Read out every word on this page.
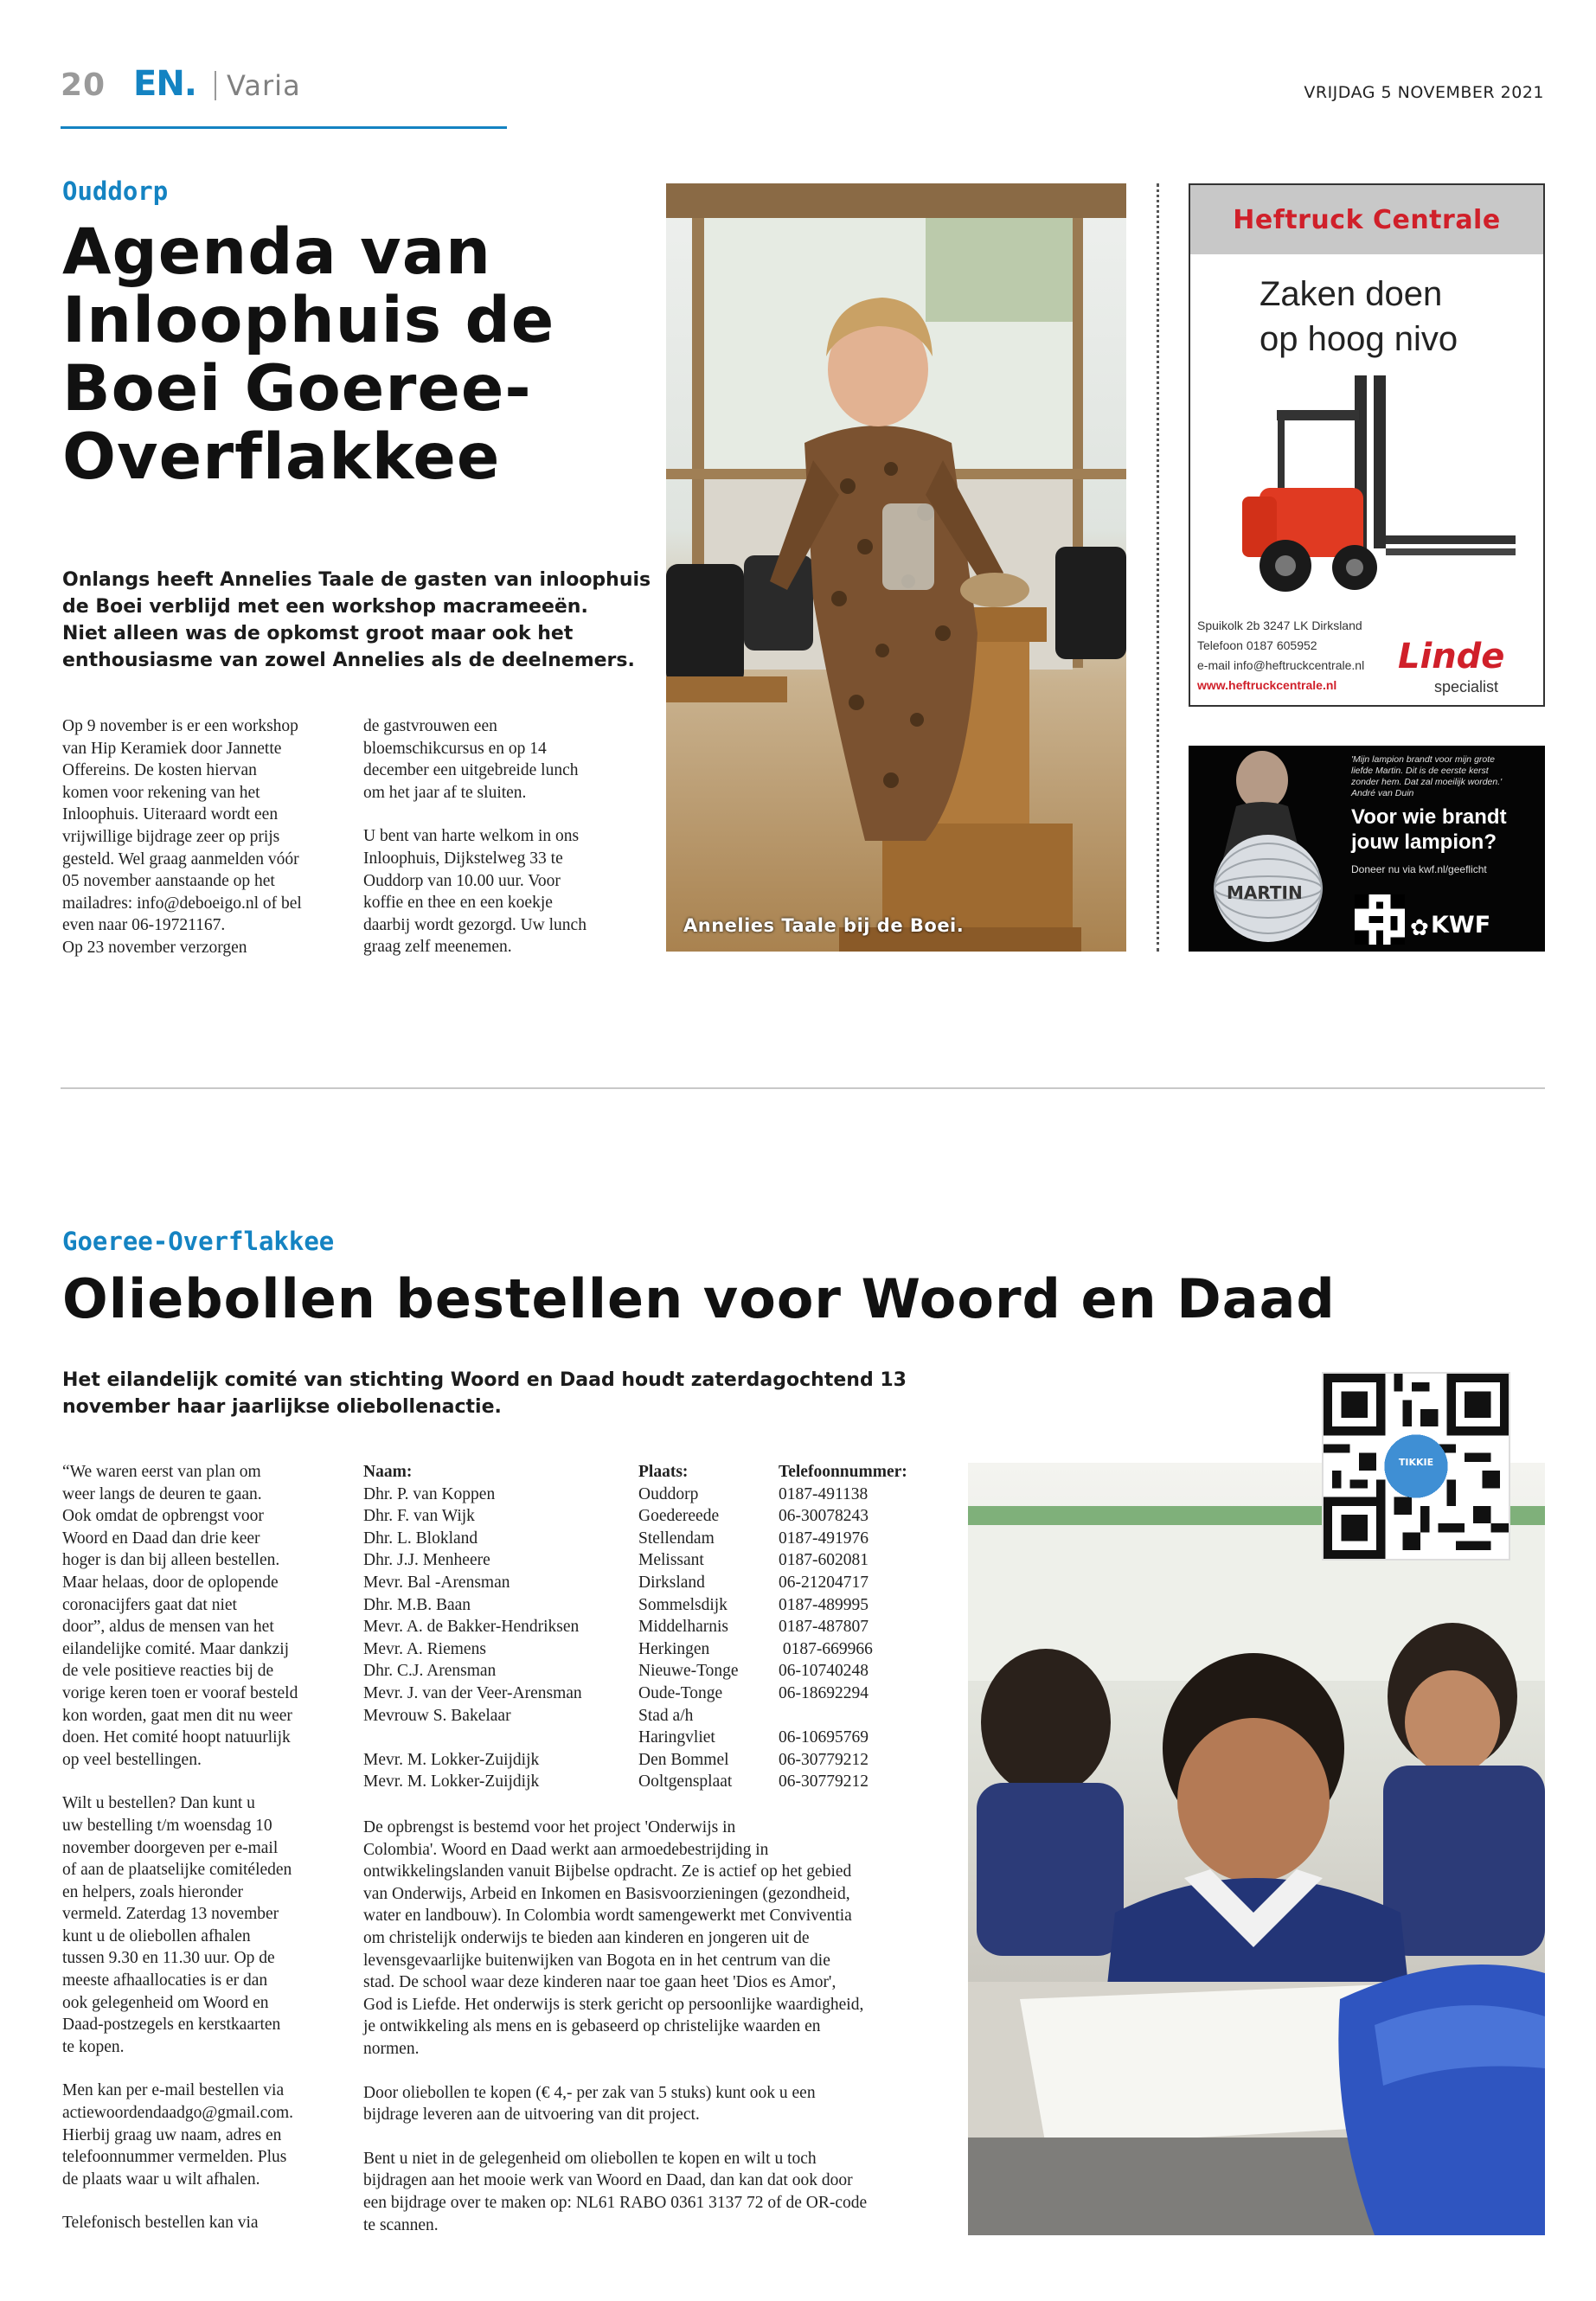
20 EN. Varia	VRIJDAG 5 NOVEMBER 2021
Ouddorp
Agenda van
Inloophuis de
Boei Goeree-
Overflakkee
Onlangs heeft Annelies Taale de gasten van inloophuis
de Boei verblijd met een workshop macrameeën.
Niet alleen was de opkomst groot maar ook het
enthousiasme van zowel Annelies als de deelnemers.
Op 9 november is er een workshop
van Hip Keramiek door Jannette
Offereins. De kosten hiervan
komen voor rekening van het
Inloophuis. Uiteraard wordt een
vrijwillige bijdrage zeer op prijs
gesteld. Wel graag aanmelden vóór
05 november aanstaande op het
mailadres: info@deboeigo.nl of bel
even naar 06-19721167.
Op 23 november verzorgen
de gastvrouwen een
bloemschikcursus en op 14
december een uitgebreide lunch
om het jaar af te sluiten.
U bent van harte welkom in ons
Inloophuis, Dijkstelweg 33 te
Ouddorp van 10.00 uur. Voor
koffie en thee en een koekje
daarbij wordt gezorgd. Uw lunch
graag zelf meenemen.
Annelies Taale bij de Boei.
Heftruck Centrale
Zaken doen
op hoog nivo
Spuikolk 2b 3247 LK Dirksland
Telefoon 0187 605952
e-mail info@heftruckcentrale.nl
www.heftruckcentrale.nl
Linde
specialist
MARTIN
'Mijn lampion brandt voor mijn grote
liefde Martin. Dit is de eerste kerst
zonder hem. Dat zal moeilijk worden.'
André van Duin
Voor wie brandt
jouw lampion?
Doneer nu via kwf.nl/geeflicht
✿ KWF
Goeree-Overflakkee
Oliebollen bestellen voor Woord en Daad
Het eilandelijk comité van stichting Woord en Daad houdt zaterdagochtend 13
november haar jaarlijkse oliebollenactie.

“We waren eerst van plan om
weer langs de deuren te gaan.
Ook omdat de opbrengst voor
Woord en Daad dan drie keer
hoger is dan bij alleen bestellen.
Maar helaas, door de oplopende
coronacijfers gaat dat niet
door”, aldus de mensen van het
eilandelijke comité. Maar dankzij
de vele positieve reacties bij de
vorige keren toen er vooraf besteld
kon worden, gaat men dit nu weer
doen. Het comité hoopt natuurlijk
op veel bestellingen.

Wilt u bestellen? Dan kunt u
uw bestelling t/m woensdag 10
november doorgeven per e-mail
of aan de plaatselijke comitéleden
en helpers, zoals hieronder
vermeld. Zaterdag 13 november
kunt u de oliebollen afhalen
tussen 9.30 en 11.30 uur. Op de
meeste afhaallocaties is er dan
ook gelegenheid om Woord en
Daad-postzegels en kerstkaarten
te kopen.

Men kan per e-mail bestellen via
actiewoordendaadgo@gmail.com.
Hierbij graag uw naam, adres en
telefoonnummer vermelden. Plus
de plaats waar u wilt afhalen.

Telefonisch bestellen kan via

Naam:	Plaats:	Telefoonnummer:
Dhr. P. van Koppen	Ouddorp	0187-491138
Dhr. F. van Wijk	Goedereede	06-30078243
Dhr. L. Blokland	Stellendam	0187-491976
Dhr. J.J. Menheere	Melissant	0187-602081
Mevr. Bal -Arensman	Dirksland	06-21204717
Dhr. M.B. Baan	Sommelsdijk	0187-489995
Mevr. A. de Bakker-Hendriksen	Middelharnis	0187-487807
Mevr. A. Riemens	Herkingen	0187-669966
Dhr. C.J. Arensman	Nieuwe-Tonge	06-10740248
Mevr. J. van der Veer-Arensman	Oude-Tonge	06-18692294
Mevrouw S. Bakelaar	Stad a/h	
	Haringvliet	06-10695769
Mevr. M. Lokker-Zuijdijk	Den Bommel	06-30779212
Mevr. M. Lokker-Zuijdijk	Ooltgensplaat	06-30779212

De opbrengst is bestemd voor het project 'Onderwijs in
Colombia'. Woord en Daad werkt aan armoedebestrijding in
ontwikkelingslanden vanuit Bijbelse opdracht. Ze is actief op het gebied
van Onderwijs, Arbeid en Inkomen en Basisvoorzieningen (gezondheid,
water en landbouw). In Colombia wordt samengewerkt met Conviventia
om christelijk onderwijs te bieden aan kinderen en jongeren uit de
levensgevaarlijke buitenwijken van Bogota en in het centrum van die
stad. De school waar deze kinderen naar toe gaan heet 'Dios es Amor',
God is Liefde. Het onderwijs is sterk gericht op persoonlijke waardigheid,
je ontwikkeling als mens en is gebaseerd op christelijke waarden en
normen.

Door oliebollen te kopen (€ 4,- per zak van 5 stuks) kunt ook u een
bijdrage leveren aan de uitvoering van dit project.

Bent u niet in de gelegenheid om oliebollen te kopen en wilt u toch
bijdragen aan het mooie werk van Woord en Daad, dan kan dat ook door
een bijdrage over te maken op: NL61 RABO 0361 3137 72 of de OR-code
te scannen.

TIKKIE
